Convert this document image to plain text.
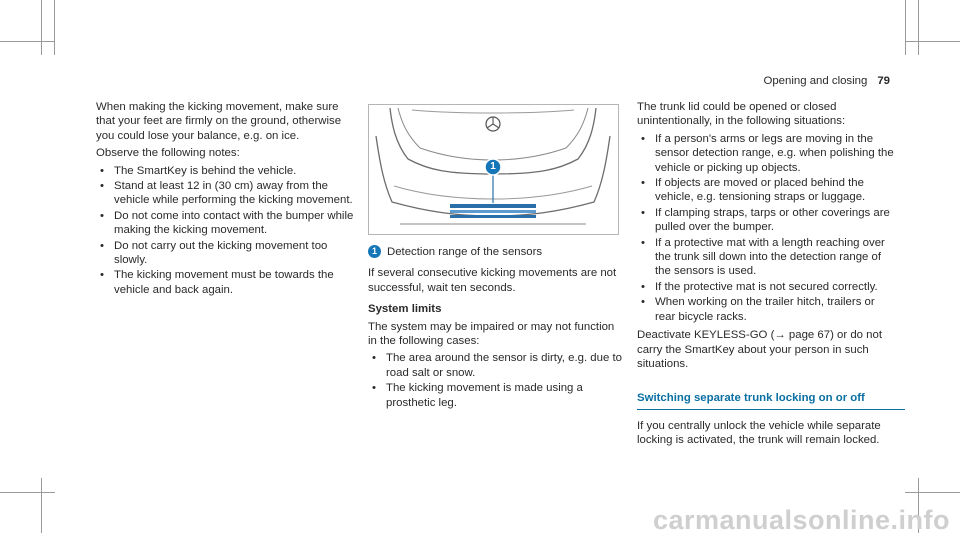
Opening and closing 79

When making the kicking movement, make sure that your feet are firmly on the ground, otherwise you could lose your balance, e.g. on ice.

Observe the following notes:

• The SmartKey is behind the vehicle.
• Stand at least 12 in (30 cm) away from the vehicle while performing the kicking movement.
• Do not come into contact with the bumper while making the kicking movement.
• Do not carry out the kicking movement too slowly.
• The kicking movement must be towards the vehicle and back again.
1

1 Detection range of the sensors

If several consecutive kicking movements are not successful, wait ten seconds.

System limits

The system may be impaired or may not function in the following cases:

• The area around the sensor is dirty, e.g. due to road salt or snow.
• The kicking movement is made using a prosthetic leg.

The trunk lid could be opened or closed unintentionally, in the following situations:

• If a person's arms or legs are moving in the sensor detection range, e.g. when polishing the vehicle or picking up objects.
• If objects are moved or placed behind the vehicle, e.g. tensioning straps or luggage.
• If clamping straps, tarps or other coverings are pulled over the bumper.
• If a protective mat with a length reaching over the trunk sill down into the detection range of the sensors is used.
• If the protective mat is not secured correctly.
• When working on the trailer hitch, trailers or rear bicycle racks.

Deactivate KEYLESS-GO (→ page 67) or do not carry the SmartKey about your person in such situations.

Switching separate trunk locking on or off

If you centrally unlock the vehicle while separate locking is activated, the trunk will remain locked.

carmanualsonline.info
